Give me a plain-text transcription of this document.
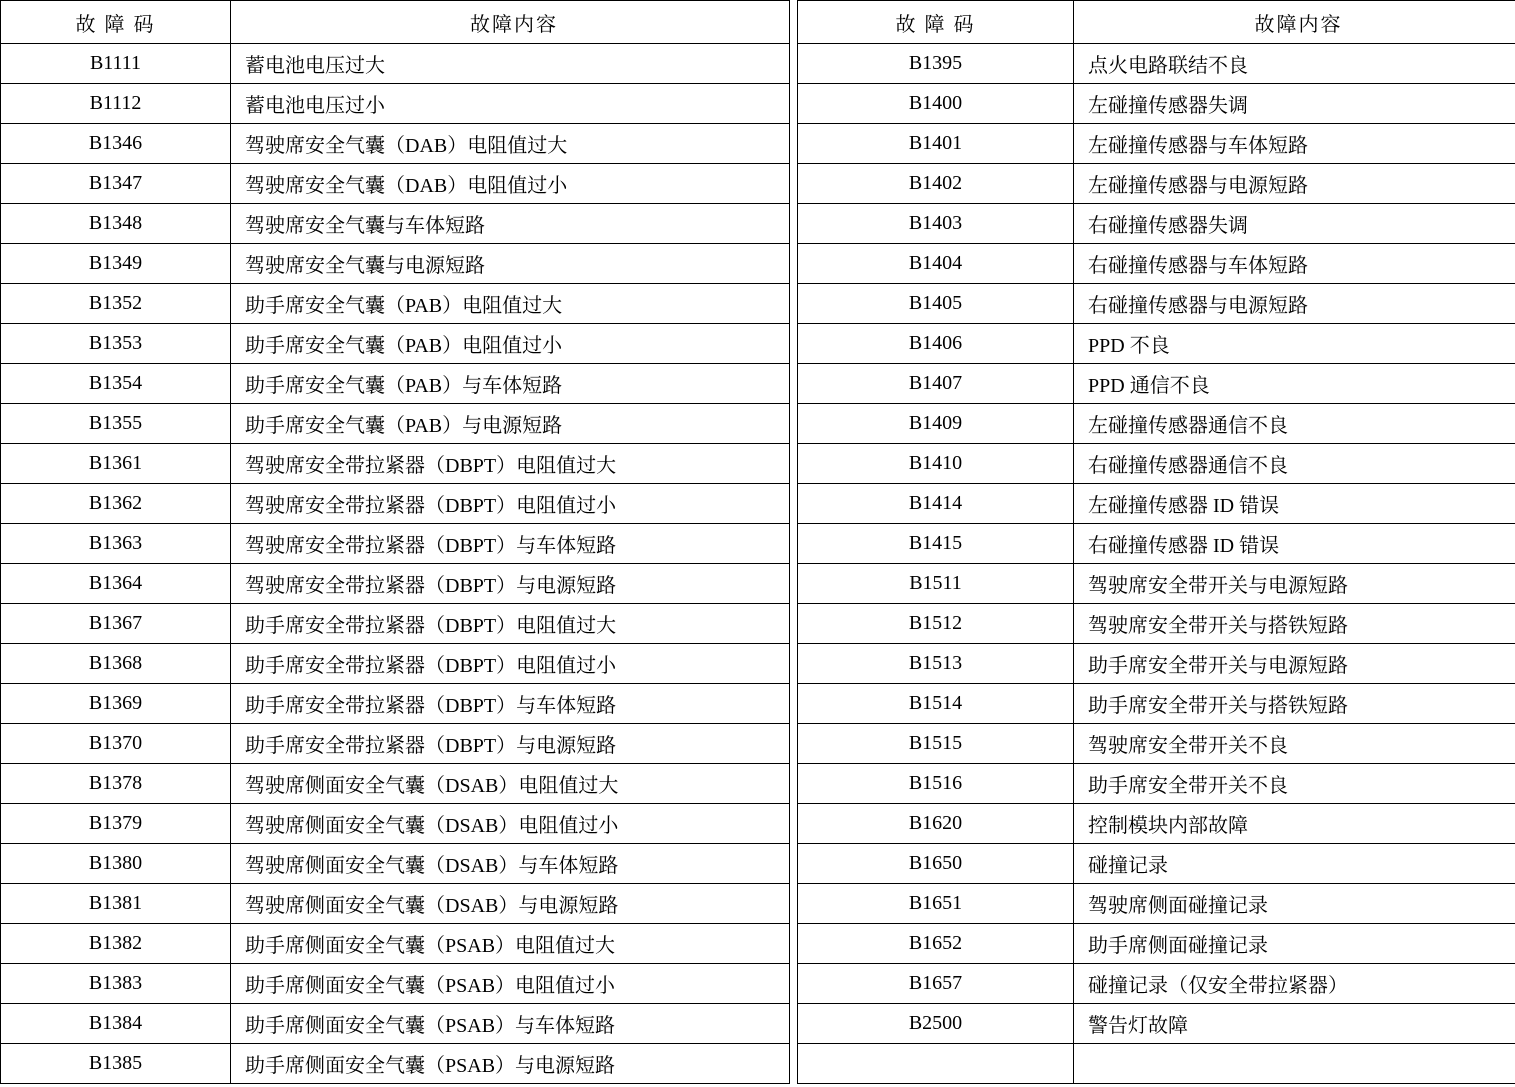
故 障 码	故障内容
B1111	蓄电池电压过大
B1112	蓄电池电压过小
B1346	驾驶席安全气囊（DAB）电阻值过大
B1347	驾驶席安全气囊（DAB）电阻值过小
B1348	驾驶席安全气囊与车体短路
B1349	驾驶席安全气囊与电源短路
B1352	助手席安全气囊（PAB）电阻值过大
B1353	助手席安全气囊（PAB）电阻值过小
B1354	助手席安全气囊（PAB）与车体短路
B1355	助手席安全气囊（PAB）与电源短路
B1361	驾驶席安全带拉紧器（DBPT）电阻值过大
B1362	驾驶席安全带拉紧器（DBPT）电阻值过小
B1363	驾驶席安全带拉紧器（DBPT）与车体短路
B1364	驾驶席安全带拉紧器（DBPT）与电源短路
B1367	助手席安全带拉紧器（DBPT）电阻值过大
B1368	助手席安全带拉紧器（DBPT）电阻值过小
B1369	助手席安全带拉紧器（DBPT）与车体短路
B1370	助手席安全带拉紧器（DBPT）与电源短路
B1378	驾驶席侧面安全气囊（DSAB）电阻值过大
B1379	驾驶席侧面安全气囊（DSAB）电阻值过小
B1380	驾驶席侧面安全气囊（DSAB）与车体短路
B1381	驾驶席侧面安全气囊（DSAB）与电源短路
B1382	助手席侧面安全气囊（PSAB）电阻值过大
B1383	助手席侧面安全气囊（PSAB）电阻值过小
B1384	助手席侧面安全气囊（PSAB）与车体短路
B1385	助手席侧面安全气囊（PSAB）与电源短路
故 障 码	故障内容
B1395	点火电路联结不良
B1400	左碰撞传感器失调
B1401	左碰撞传感器与车体短路
B1402	左碰撞传感器与电源短路
B1403	右碰撞传感器失调
B1404	右碰撞传感器与车体短路
B1405	右碰撞传感器与电源短路
B1406	PPD 不良
B1407	PPD 通信不良
B1409	左碰撞传感器通信不良
B1410	右碰撞传感器通信不良
B1414	左碰撞传感器 ID 错误
B1415	右碰撞传感器 ID 错误
B1511	驾驶席安全带开关与电源短路
B1512	驾驶席安全带开关与搭铁短路
B1513	助手席安全带开关与电源短路
B1514	助手席安全带开关与搭铁短路
B1515	驾驶席安全带开关不良
B1516	助手席安全带开关不良
B1620	控制模块内部故障
B1650	碰撞记录
B1651	驾驶席侧面碰撞记录
B1652	助手席侧面碰撞记录
B1657	碰撞记录（仅安全带拉紧器）
B2500	警告灯故障
